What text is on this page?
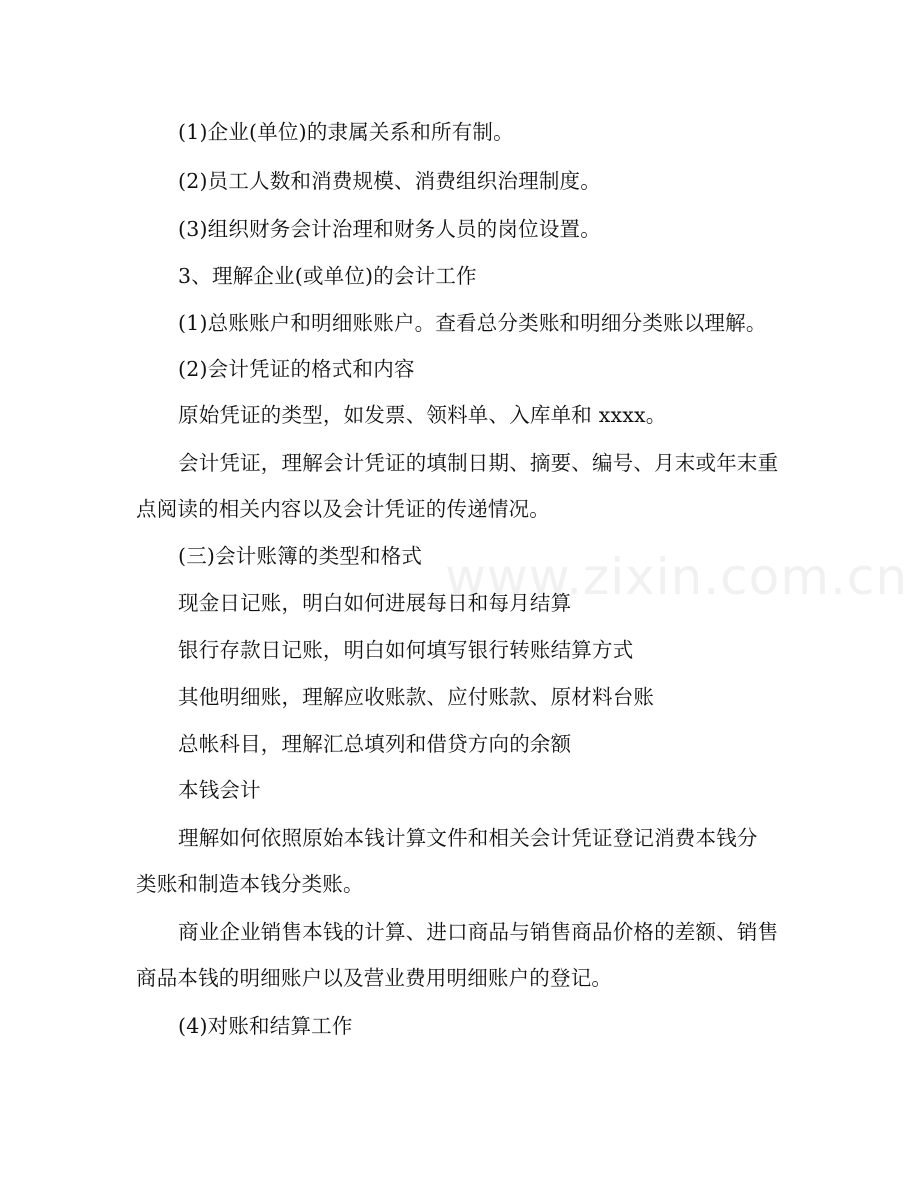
www.zixin.com.cn
(1)企业(单位)的隶属关系和所有制。
(2)员工人数和消费规模、消费组织治理制度。
(3)组织财务会计治理和财务人员的岗位设置。
3、理解企业(或单位)的会计工作
(1)总账账户和明细账账户。查看总分类账和明细分类账以理解。
(2)会计凭证的格式和内容
原始凭证的类型，如发票、领料单、入库单和 xxxx。
会计凭证，理解会计凭证的填制日期、摘要、编号、月末或年末重
点阅读的相关内容以及会计凭证的传递情况。
(三)会计账簿的类型和格式
现金日记账，明白如何进展每日和每月结算
银行存款日记账，明白如何填写银行转账结算方式
其他明细账，理解应收账款、应付账款、原材料台账
总帐科目，理解汇总填列和借贷方向的余额
本钱会计
理解如何依照原始本钱计算文件和相关会计凭证登记消费本钱分
类账和制造本钱分类账。
商业企业销售本钱的计算、进口商品与销售商品价格的差额、销售
商品本钱的明细账户以及营业费用明细账户的登记。
(4)对账和结算工作
